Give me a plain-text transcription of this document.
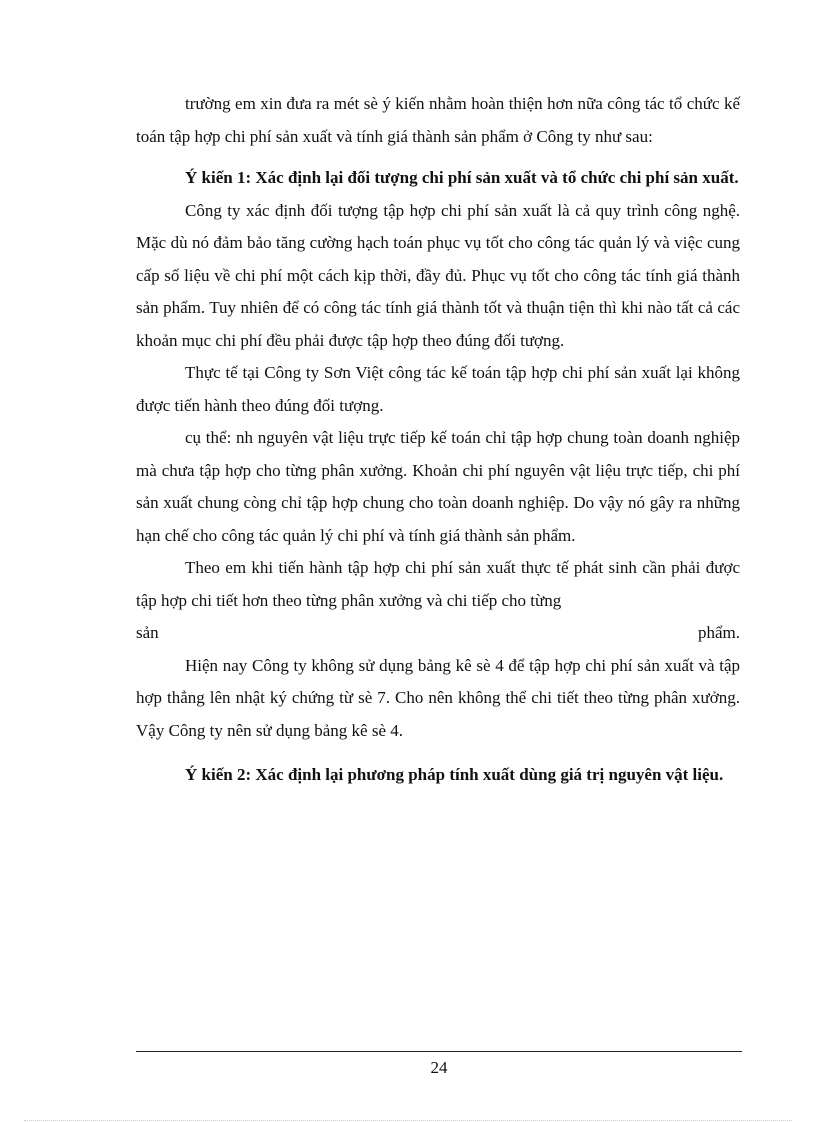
trường em xin đưa ra mét sè ý kiến nhằm hoàn thiện hơn nữa công tác tổ chức kế toán tập hợp chi phí sản xuất và tính giá thành sản phẩm ở Công ty như sau:

Ý kiến 1: Xác định lại đối tượng chi phí sản xuất và tổ chức chi phí sản xuất.

Công ty xác định đối tượng tập hợp chi phí sản xuất là cả quy trình công nghệ. Mặc dù nó đảm bảo tăng cường hạch toán phục vụ tốt cho công tác quản lý và việc cung cấp số liệu về chi phí một cách kịp thời, đầy đủ. Phục vụ tốt cho công tác tính giá thành sản phẩm. Tuy nhiên để có công tác tính giá thành tốt và thuận tiện thì khi nào tất cả các khoản mục chi phí đều phải được tập hợp theo đúng đối tượng.

Thực tế tại Công ty Sơn Việt công tác kế toán tập hợp chi phí sản xuất lại không được tiến hành theo đúng đối tượng.

cụ thể: nh nguyên vật liệu trực tiếp kế toán chỉ tập hợp chung toàn doanh nghiệp mà chưa tập hợp cho từng phân xưởng. Khoản chi phí nguyên vật liệu trực tiếp, chi phí sản xuất chung còng chỉ tập hợp chung cho toàn doanh nghiệp. Do vậy nó gây ra những hạn chế cho công tác quản lý chi phí và tính giá thành sản phẩm.

Theo em khi tiến hành tập hợp chi phí sản xuất thực tế phát sinh cần phải được tập hợp chi tiết hơn theo từng phân xưởng và chi tiếp cho từng

sản	phẩm.

Hiện nay Công ty không sử dụng bảng kê sè 4 để tập hợp chi phí sản xuất và tập hợp thẳng lên nhật ký chứng từ sè 7. Cho nên không thể chi tiết theo từng phân xưởng. Vậy Công ty nên sử dụng bảng kê sè 4.

Ý kiến 2: Xác định lại phương pháp tính xuất dùng giá trị nguyên vật liệu.

24
